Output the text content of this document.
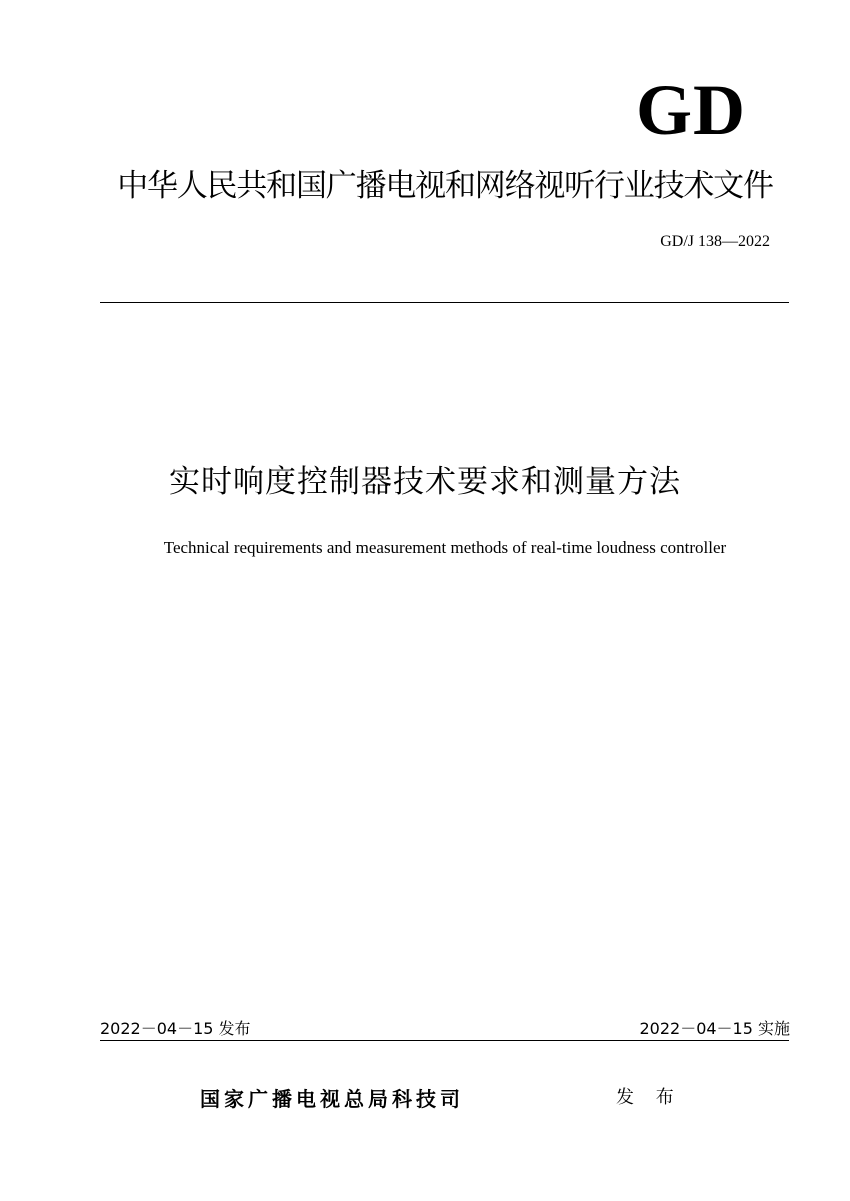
GD
中华人民共和国广播电视和网络视听行业技术文件
GD/J 138—2022
实时响度控制器技术要求和测量方法
Technical requirements and measurement methods of real-time loudness controller
2022－04－15 发布	2022－04－15 实施
国家广播电视总局科技司	发 布
